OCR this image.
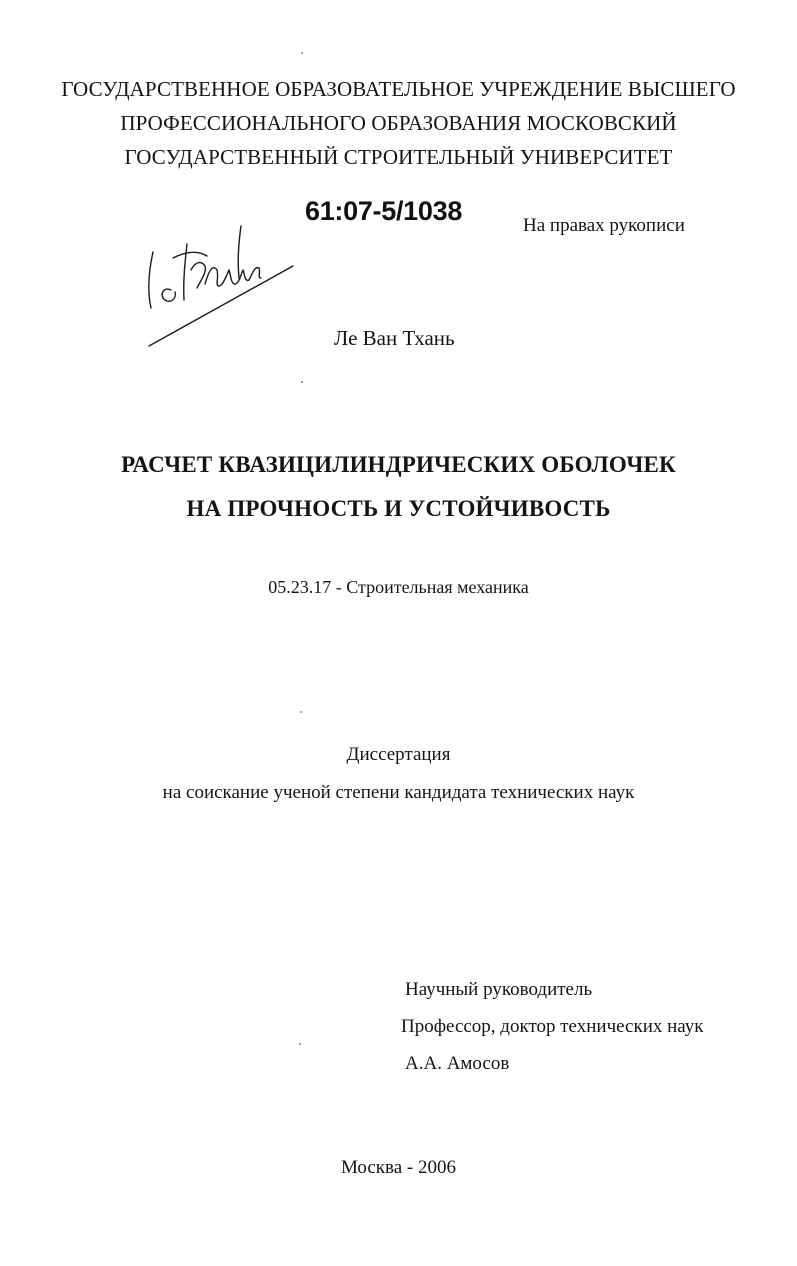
ГОСУДАРСТВЕННОЕ ОБРАЗОВАТЕЛЬНОЕ УЧРЕЖДЕНИЕ ВЫСШЕГО
ПРОФЕССИОНАЛЬНОГО ОБРАЗОВАНИЯ МОСКОВСКИЙ
ГОСУДАРСТВЕННЫЙ СТРОИТЕЛЬНЫЙ УНИВЕРСИТЕТ
61:07-5/1038	На правах рукописи
Ле Ван Тхань
РАСЧЕТ КВАЗИЦИЛИНДРИЧЕСКИХ ОБОЛОЧЕК
НА ПРОЧНОСТЬ И УСТОЙЧИВОСТЬ
05.23.17 - Строительная механика
Диссертация
на соискание ученой степени кандидата технических наук
Научный руководитель
Профессор, доктор технических наук
А.А. Амосов
Москва - 2006
